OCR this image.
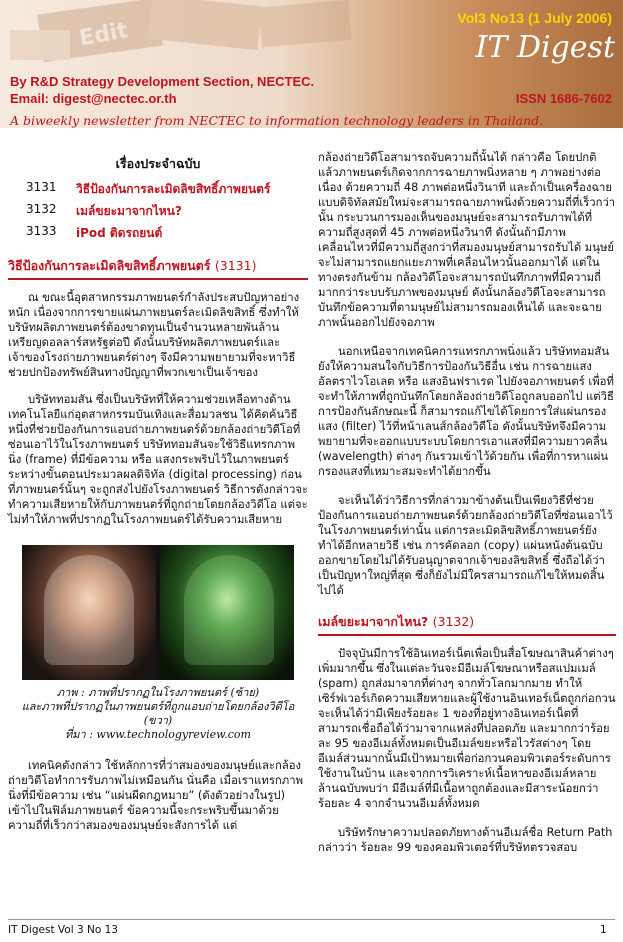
Edit
Vol3 No13 (1 July 2006)
IT Digest
By R&D Strategy Development Section, NECTEC.
Email: digest@nectec.or.th	ISSN 1686-7602
A biweekly newsletter from NECTEC to information technology leaders in Thailand.
เรื่องประจำฉบับ
3131 วิธีป้องกันการละเมิดลิขสิทธิ์ภาพยนตร์
3132 เมล์ขยะมาจากไหน?
3133 iPod ติดรถยนต์
วิธีป้องกันการละเมิดลิขสิทธิ์ภาพยนตร์ (3131)

ณ ขณะนี้อุตสาหกรรมภาพยนตร์กำลังประสบปัญหาอย่างหนัก เนื่องจากการขายแผ่นภาพยนตร์ละเมิดลิขสิทธิ์ ซึ่งทำให้บริษัทผลิตภาพยนตร์ต้องขาดทุนเป็นจำนวนหลายพันล้านเหรียญดอลลาร์สหรัฐต่อปี ดังนั้นบริษัทผลิตภาพยนตร์และเจ้าของโรงถ่ายภาพยนตร์ต่างๆ จึงมีความพยายามที่จะหาวิธีช่วยปกป้องทรัพย์สินทางปัญญาที่พวกเขาเป็นเจ้าของ

บริษัททอมสัน ซึ่งเป็นบริษัทที่ให้ความช่วยเหลือทางด้านเทคโนโลยีแก่อุตสาหกรรมบันเทิงและสื่อมวลชน ได้คิดค้นวิธีหนึ่งที่ช่วยป้องกันการแอบถ่ายภาพยนตร์ด้วยกล้องถ่ายวิดีโอที่ซ่อนเอาไว้ในโรงภาพยนตร์ บริษัททอมสันจะใช้วิธีแทรกภาพนิ่ง (frame) ที่มีข้อความ หรือ แสงกระพริบไว้ในภาพยนตร์ระหว่างขั้นตอนประมวลผลดิจิทัล (digital processing) ก่อนที่ภาพยนตร์นั้นๆ จะถูกส่งไปยังโรงภาพยนตร์ วิธีการดังกล่าวจะทำความเสียหายให้กับภาพยนตร์ที่ถูกถ่ายโดยกล้องวิดีโอ แต่จะไม่ทำให้ภาพที่ปรากฏในโรงภาพยนตร์ได้รับความเสียหาย

ภาพ : ภาพที่ปรากฏในโรงภาพยนตร์ (ซ้าย)
และภาพที่ปรากฏในภาพยนตร์ที่ถูกแอบถ่ายโดยกล้องวิดีโอ (ขวา)
ที่มา : www.technologyreview.com

เทคนิคดังกล่าว ใช้หลักการที่ว่าสมองของมนุษย์และกล้องถ่ายวิดีโอทำการรับภาพไม่เหมือนกัน นั่นคือ เมื่อเราแทรกภาพนิ่งที่มีข้อความ เช่น “แผ่นผีดกฎหมาย” (ดังตัวอย่างในรูป) เข้าไปในฟิล์มภาพยนตร์ ข้อความนี้จะกระพริบขึ้นมาด้วยความถี่ที่เร็วกว่าสมองของมนุษย์จะสังการได้ แต่

กล้องถ่ายวิดีโอสามารถจับความถี่นั้นได้ กล่าวคือ โดยปกติแล้วภาพยนตร์เกิดจากการฉายภาพนิ่งหลาย ๆ ภาพอย่างต่อเนื่อง ด้วยความถี่ 48 ภาพต่อหนึ่งวินาที และถ้าเป็นเครื่องฉายแบบดิจิทัลสมัยใหม่จะสามารถฉายภาพนิ่งด้วยความถี่ที่เร็วกว่านั้น กระบวนการมองเห็นของมนุษย์จะสามารถรับภาพได้ที่ความถี่สูงสุดที่ 45 ภาพต่อหนึ่งวินาที ดังนั้นถ้ามีภาพเคลื่อนไหวที่มีความถี่สูงกว่าที่สมองมนุษย์สามารถรับได้ มนุษย์จะไม่สามารถแยกแยะภาพที่เคลื่อนไหวนั้นออกมาได้ แต่ในทางตรงกันข้าม กล้องวิดีโอจะสามารถบันทึกภาพที่มีความถี่มากกว่าระบบรับภาพของมนุษย์ ดังนั้นกล้องวิดีโอจะสามารถบันทึกข้อความที่ตามนุษย์ไม่สามารถมองเห็นได้ และจะฉายภาพนั้นออกไปยังจอภาพ

นอกเหนือจากเทคนิคการแทรกภาพนิ่งแล้ว บริษัททอมสันยังให้ความสนใจกับวิธีการป้องกันวิธีอื่น เช่น การฉายแสงอัลตราไวโอเลต หรือ แสงอินฟราเรด ไปยังจอภาพยนตร์ เพื่อที่จะทำให้ภาพที่ถูกบันทึกโดยกล้องถ่ายวิดีโอถูกลบออกไป แต่วิธีการป้องกันลักษณะนี้ ก็สามารถแก้ไขได้โดยการใส่แผ่นกรองแสง (filter) ไว้ที่หน้าเลนส์กล้องวิดีโอ ดังนั้นบริษัทจึงมีความพยายามที่จะออกแบบระบบโดยการเอาแสงที่มีความยาวคลื่น (wavelength) ต่างๆ กันรวมเข้าไว้ด้วยกัน เพื่อที่การหาแผ่นกรองแสงที่เหมาะสมจะทำได้ยากขึ้น

จะเห็นได้ว่าวิธีการที่กล่าวมาข้างต้นเป็นเพียงวิธีที่ช่วยป้องกันการแอบถ่ายภาพยนตร์ด้วยกล้องถ่ายวิดีโอที่ซ่อนเอาไว้ในโรงภาพยนตร์เท่านั้น แต่การละเมิดลิขสิทธิ์ภาพยนตร์ยังทำได้อีกหลายวิธี เช่น การคัดลอก (copy) แผ่นหนังต้นฉบับออกขายโดยไม่ได้รับอนุญาตจากเจ้าของลิขสิทธิ์ ซึ่งถือได้ว่าเป็นปัญหาใหญ่ที่สุด ซึ่งก็ยังไม่มีใครสามารถแก้ไขให้หมดสิ้นไปได้

เมล์ขยะมาจากไหน? (3132)

ปัจจุบันมีการใช้อินเทอร์เน็ตเพื่อเป็นสื่อโฆษณาสินค้าต่างๆ เพิ่มมากขึ้น ซึ่งในแต่ละวันจะมีอีเมล์โฆษณาหรือสแปมเมล์ (spam) ถูกส่งมาจากที่ต่างๆ จากทั่วโลกมากมาย ทำให้เซิร์ฟเวอร์เกิดความเสียหายและผู้ใช้งานอินเทอร์เน็ตถูกก่อกวน จะเห็นได้ว่ามีเพียงร้อยละ 1 ของที่อยู่ทางอินเทอร์เน็ตที่สามารถเชื่อถือได้ว่ามาจากแหล่งที่ปลอดภัย และมากกว่าร้อยละ 95 ของอีเมล์ทั้งหมดเป็นอีเมล์ขยะหรือไวรัสต่างๆ โดยอีเมล์ส่วนมากนั้นมีเป้าหมายเพื่อก่อกวนคอมพิวเตอร์ระดับการใช้งานในบ้าน และจากการวิเคราะห์เนื้อหาของอีเมล์หลายล้านฉบับพบว่า มีอีเมล์ที่มีเนื้อหาถูกต้องและมีสาระน้อยกว่าร้อยละ 4 จากจำนวนอีเมล์ทั้งหมด

บริษัทรักษาความปลอดภัยทางด้านอีเมล์ชื่อ Return Path กล่าวว่า ร้อยละ 99 ของคอมพิวเตอร์ที่บริษัทตรวจสอบ

IT Digest Vol 3 No 13	1
